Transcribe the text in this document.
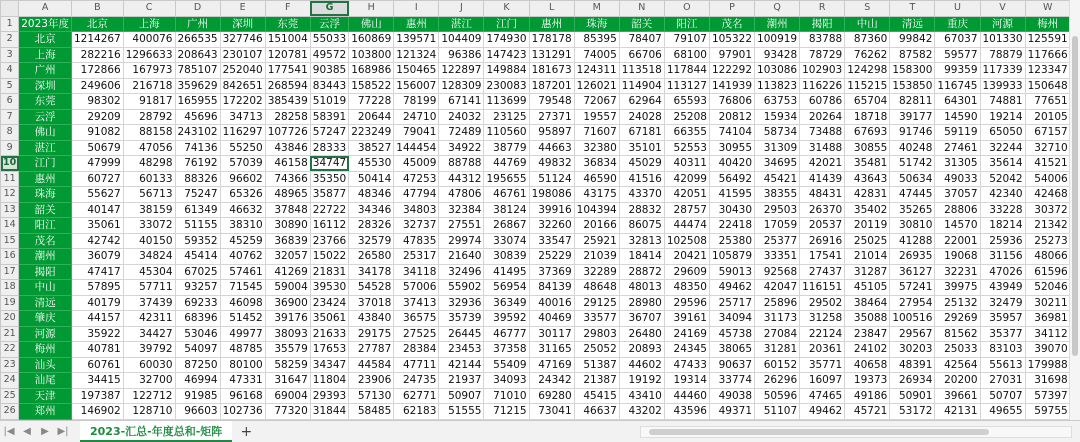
	A	B	C	D	E	F	G	H	I	J	K	L	M	N	O	P	Q	R	S	T	U	V	W			
1	2023年度	北京	上海	广州	深圳	东莞	云浮	佛山	惠州	湛江	江门	惠州	珠海	韶关	阳江	茂名	潮州	揭阳	中山	清远	重庆	河源	梅州				
2	北京	1214267	400076	266535	327746	151004	55033	160869	139571	104409	174930	178178	85395	78407	79107	105322	100919	83788	87360	99842	67037	101330	125591			
3	上海	282216	1296633	208643	230107	120781	49572	103800	121324	96386	147423	131291	74005	66706	68100	97901	93428	78729	76262	87582	59577	78879	117666			
4	广州	172866	167973	785107	252040	177541	90385	168986	150465	122897	149884	181673	124311	113518	117844	122292	103086	102903	124298	158300	99359	117339	123347			
5	深圳	249606	216718	359629	842651	268594	83443	158522	156007	128309	230083	187201	126021	114904	113127	141939	113823	116226	115215	153850	116745	139933	150648			
6	东莞	98302	91817	165955	172202	385439	51019	77228	78199	67141	113699	79548	72067	62964	65593	76806	63753	60786	65704	82811	64301	74881	77651			
7	云浮	29209	28792	45696	34713	28258	58391	20644	24710	24032	23125	27371	19557	24028	25208	20812	15934	20264	18718	39177	14590	19214	20105			
8	佛山	91082	88158	243102	116297	107726	57247	223249	79041	72489	110560	95897	71607	67181	66355	74104	58734	73488	67693	91746	59119	65050	67157			
9	湛江	50679	47056	74136	55250	43846	28333	38527	144454	34922	38779	44663	32380	35101	52553	30955	31309	31488	30855	40248	27461	32244	32710			
10	江门	47999	48298	76192	57039	46158	34747	45530	45009	88788	44769	49832	36834	45029	40311	40420	34695	42021	35481	51742	31305	35614	41521			
11	惠州	60727	60133	88326	96602	74366	35350	50414	47253	44312	195655	51124	46590	41516	42099	56492	45421	41439	43643	50634	49033	52042	54006			
12	珠海	55627	56713	75247	65326	48965	35877	48346	47794	47806	46761	198086	43175	43370	42051	41595	38355	48431	42831	47445	37057	42340	42468			
13	韶关	40147	38159	61349	46632	37848	22722	34346	34803	32384	38124	39916	104394	28832	28757	30430	29503	26370	35402	35265	28806	33228	30372			
14	阳江	35061	33072	51155	38310	30890	16112	28326	32737	27551	26867	32260	20166	86075	44474	22418	17059	20537	20119	30810	14570	18214	21342			
15	茂名	42742	40150	59352	45259	36839	23766	32579	47835	29974	33074	33547	25921	32813	102508	25380	25377	26916	25025	41288	22001	25936	25273			
16	潮州	36079	34824	45414	40762	32057	15022	26580	25317	21640	30839	25229	21039	18414	20421	105879	33351	17541	21014	26935	19068	31156	48066			
17	揭阳	47417	45304	67025	57461	41269	21831	34178	34118	32496	41495	37369	32289	28872	29609	59013	92568	27437	31287	36127	32231	47026	61596			
18	中山	57895	57711	93257	71545	59004	39530	54528	57006	55902	56954	84139	48648	48013	48350	49462	42047	116151	45105	57241	39975	43949	52046			
19	清远	40179	37439	69233	46098	36900	23424	37018	37413	32936	36349	40016	29125	28980	29596	25717	25896	29502	38464	27954	25132	32479	30211			
20	肇庆	44157	42311	68396	51452	39176	35061	43840	36575	35739	39592	40469	33577	36707	39161	34094	31173	31258	35088	100516	29269	35957	36981			
21	河源	35922	34427	53046	49977	38093	21633	29175	27525	26445	46777	30117	29803	26480	24169	45738	27084	22124	23847	29567	81562	35377	34112			
22	梅州	40781	39792	54097	48785	35579	17653	27787	28384	23453	37358	31165	25052	20893	24345	38065	31281	20361	24102	30203	25033	83103	39070			
23	汕头	60761	60030	87250	80100	58259	34347	44584	47711	42144	55409	47169	51387	44602	47433	90637	60152	35771	40658	48391	42564	55613	179988			
24	汕尾	34415	32700	46994	47331	31647	11804	23906	24735	21937	34093	24342	21387	19192	19314	33774	26296	16097	19373	26934	20200	27031	31698			
25	天津	197387	122712	91985	96168	69004	29393	57130	62771	50907	71010	69280	45415	43410	44460	49038	50596	47465	49186	50901	39661	50707	57397			
26	郑州	146902	128710	96603	102736	77320	31844	58485	62183	51555	71215	73041	46637	43202	43596	49371	51107	49462	45721	53172	42131	49655	59755			

|◀ ◀	▶ ▶|	2023-汇总-年度总和-矩阵	+
